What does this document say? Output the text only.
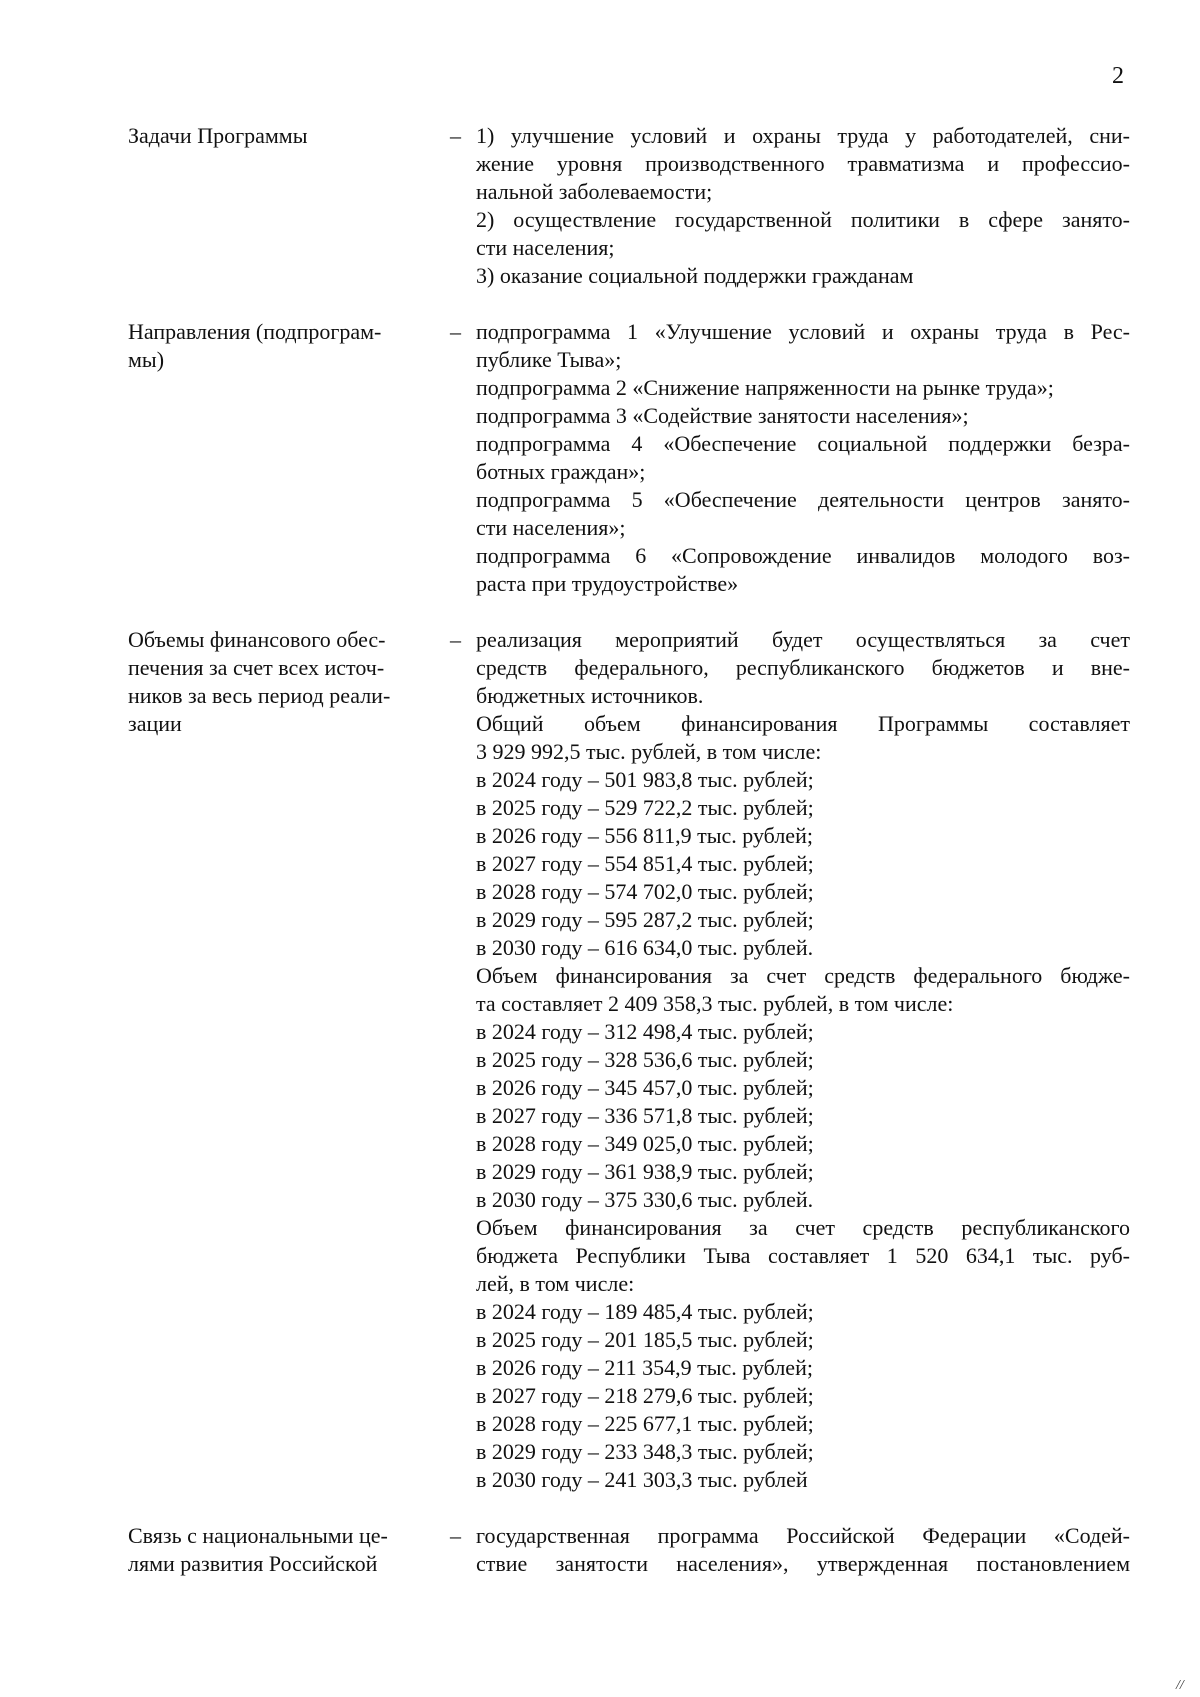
2
Задачи Программы	– 1) улучшение условий и охраны труда у работодателей, сни-
жение уровня производственного травматизма и профессио-
нальной заболеваемости;
2) осуществление государственной политики в сфере занято-
сти населения;
3) оказание социальной поддержки гражданам
Направления (подпрограм-
мы)
– подпрограмма 1 «Улучшение условий и охраны труда в Рес-
публике Тыва»;
подпрограмма 2 «Снижение напряженности на рынке труда»;
подпрограмма 3 «Содействие занятости населения»;
подпрограмма 4 «Обеспечение социальной поддержки безра-
ботных граждан»;
подпрограмма 5 «Обеспечение деятельности центров занято-
сти населения»;
подпрограмма 6 «Сопровождение инвалидов молодого воз-
раста при трудоустройстве»
Объемы финансового обес-
печения за счет всех источ-
ников за весь период реали-
зации
– реализация мероприятий будет осуществляться за счет
средств федерального, республиканского бюджетов и вне-
бюджетных источников.
Общий объем финансирования Программы составляет
3 929 992,5 тыс. рублей, в том числе:
в 2024 году – 501 983,8 тыс. рублей;
в 2025 году – 529 722,2 тыс. рублей;
в 2026 году – 556 811,9 тыс. рублей;
в 2027 году – 554 851,4 тыс. рублей;
в 2028 году – 574 702,0 тыс. рублей;
в 2029 году – 595 287,2 тыс. рублей;
в 2030 году – 616 634,0 тыс. рублей.
Объем финансирования за счет средств федерального бюдже-
та составляет 2 409 358,3 тыс. рублей, в том числе:
в 2024 году – 312 498,4 тыс. рублей;
в 2025 году – 328 536,6 тыс. рублей;
в 2026 году – 345 457,0 тыс. рублей;
в 2027 году – 336 571,8 тыс. рублей;
в 2028 году – 349 025,0 тыс. рублей;
в 2029 году – 361 938,9 тыс. рублей;
в 2030 году – 375 330,6 тыс. рублей.
Объем финансирования за счет средств республиканского
бюджета Республики Тыва составляет 1 520 634,1 тыс. руб-
лей, в том числе:
в 2024 году – 189 485,4 тыс. рублей;
в 2025 году – 201 185,5 тыс. рублей;
в 2026 году – 211 354,9 тыс. рублей;
в 2027 году – 218 279,6 тыс. рублей;
в 2028 году – 225 677,1 тыс. рублей;
в 2029 году – 233 348,3 тыс. рублей;
в 2030 году – 241 303,3 тыс. рублей
Связь с национальными це-
лями развития Российской
– государственная программа Российской Федерации «Содей-
ствие занятости населения», утвержденная постановлением
//
